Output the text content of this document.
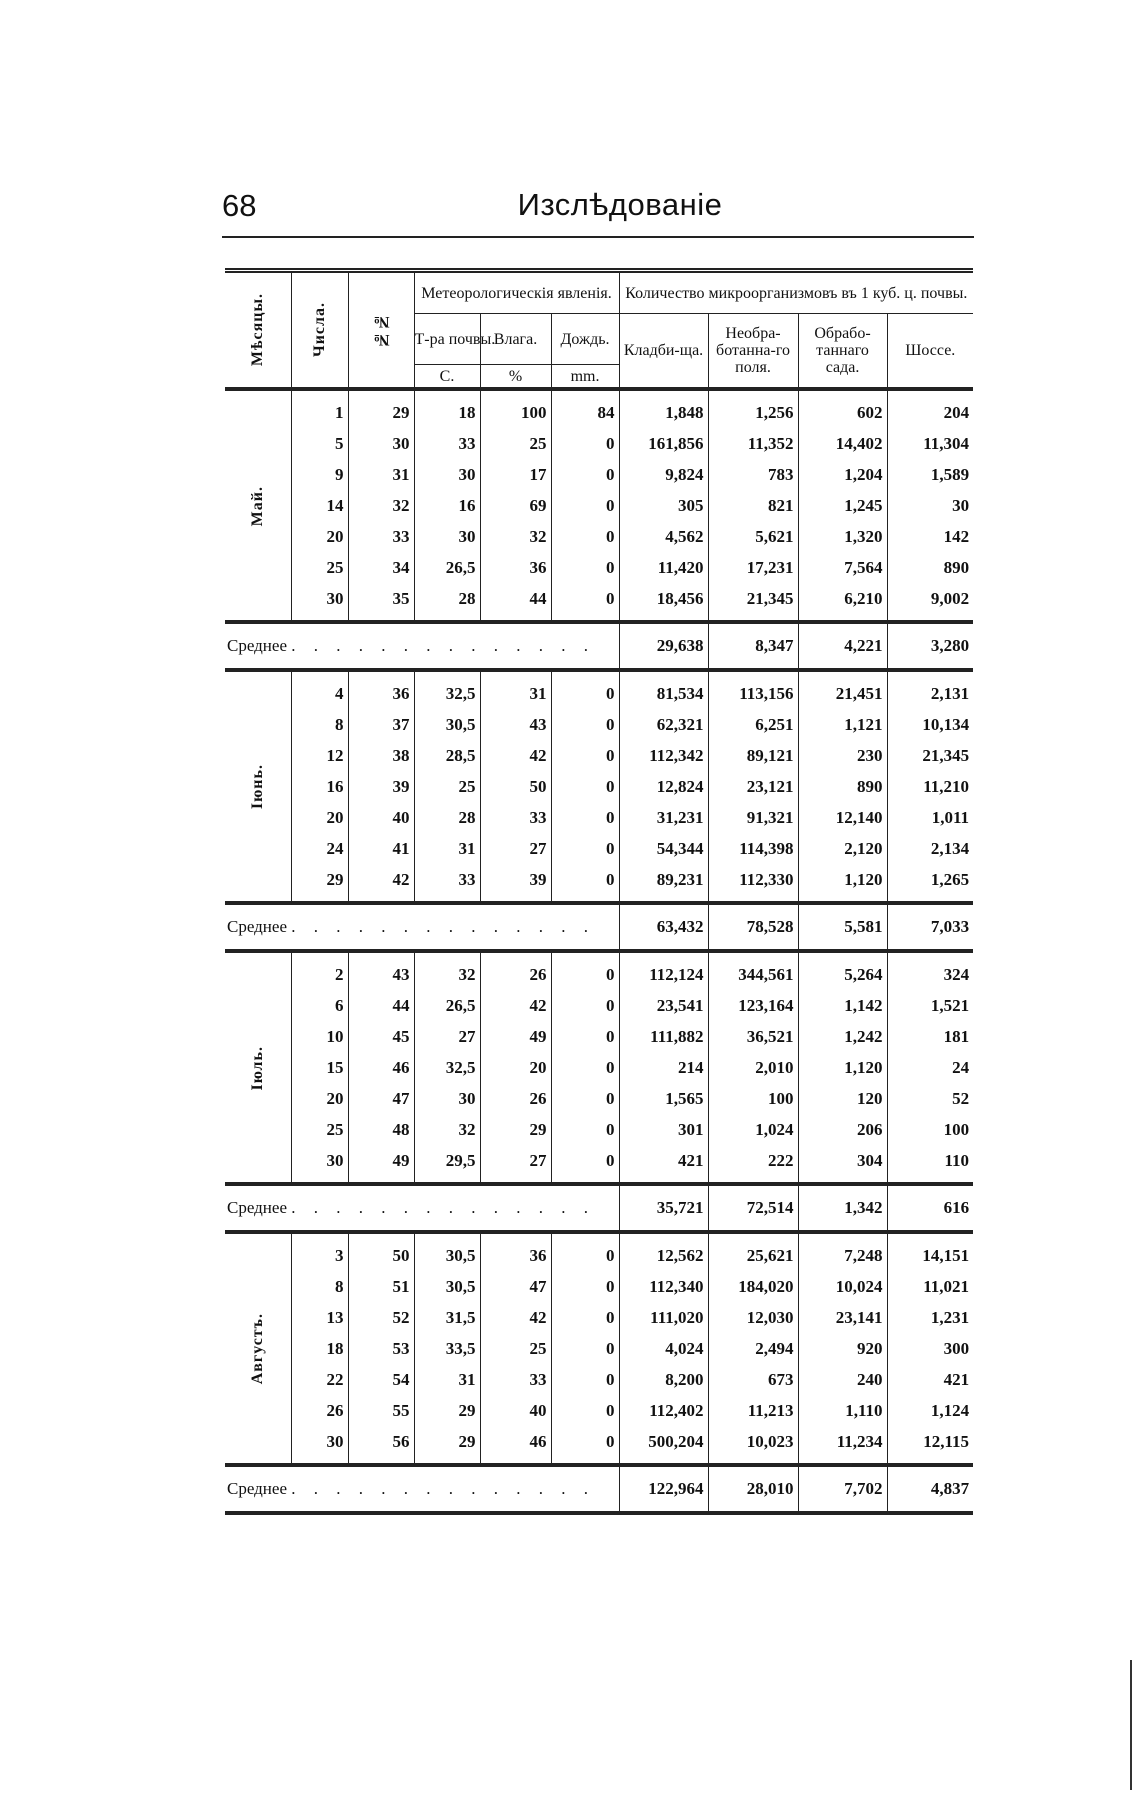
68	Изслѣдованіе
Мѣсяцы.	Числа.	№№	Метеорологическія явленія.			Количество микроорганизмовъ въ 1 куб. ц. почвы.			
			Т-ра почвы.	Влага.	Дождь.	Кладби-ща.	Необра-ботанна-го поля.	Обрабо-таннаго сада.	Шоссе.
			C.	%	mm.				

Май.	1	29	18	100	84	1,848	1,256	602	204
	5	30	33	25	0	161,856	11,352	14,402	11,304
	9	31	30	17	0	9,824	783	1,204	1,589
	14	32	16	69	0	305	821	1,245	30
	20	33	30	32	0	4,562	5,621	1,320	142
	25	34	26,5	36	0	11,420	17,231	7,564	890
	30	35	28	44	0	18,456	21,345	6,210	9,002

Среднее . . . . . . . . . . . . . .						29,638	8,347	4,221	3,280

Іюнь.	4	36	32,5	31	0	81,534	113,156	21,451	2,131
	8	37	30,5	43	0	62,321	6,251	1,121	10,134
	12	38	28,5	42	0	112,342	89,121	230	21,345
	16	39	25	50	0	12,824	23,121	890	11,210
	20	40	28	33	0	31,231	91,321	12,140	1,011
	24	41	31	27	0	54,344	114,398	2,120	2,134
	29	42	33	39	0	89,231	112,330	1,120	1,265

Среднее . . . . . . . . . . . . . .						63,432	78,528	5,581	7,033

Іюль.	2	43	32	26	0	112,124	344,561	5,264	324
	6	44	26,5	42	0	23,541	123,164	1,142	1,521
	10	45	27	49	0	111,882	36,521	1,242	181
	15	46	32,5	20	0	214	2,010	1,120	24
	20	47	30	26	0	1,565	100	120	52
	25	48	32	29	0	301	1,024	206	100
	30	49	29,5	27	0	421	222	304	110

Среднее . . . . . . . . . . . . . .						35,721	72,514	1,342	616

Августъ.	3	50	30,5	36	0	12,562	25,621	7,248	14,151
	8	51	30,5	47	0	112,340	184,020	10,024	11,021
	13	52	31,5	42	0	111,020	12,030	23,141	1,231
	18	53	33,5	25	0	4,024	2,494	920	300
	22	54	31	33	0	8,200	673	240	421
	26	55	29	40	0	112,402	11,213	1,110	1,124
	30	56	29	46	0	500,204	10,023	11,234	12,115

Среднее . . . . . . . . . . . . . .						122,964	28,010	7,702	4,837
